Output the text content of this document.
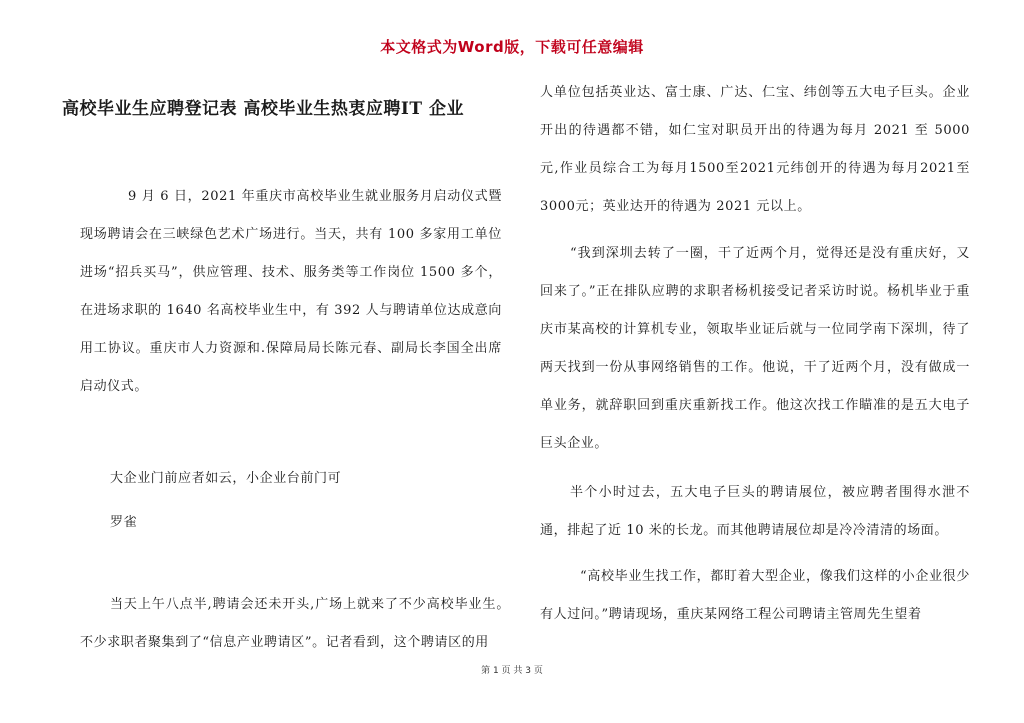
本文格式为Word版，下载可任意编辑
高校毕业生应聘登记表 高校毕业生热衷应聘IT 企业

9 月 6 日，2021 年重庆市高校毕业生就业服务月启动仪式暨现场聘请会在三峡绿色艺术广场进行。当天，共有 100 多家用工单位进场“招兵买马”，供应管理、技术、服务类等工作岗位 1500 多个，在进场求职的 1640 名高校毕业生中，有 392 人与聘请单位达成意向用工协议。重庆市人力资源和.保障局局长陈元春、副局长李国全出席启动仪式。

大企业门前应者如云，小企业台前门可
罗雀

当天上午八点半,聘请会还未开头,广场上就来了不少高校毕业生。不少求职者聚集到了“信息产业聘请区”。记者看到，这个聘请区的用

人单位包括英业达、富士康、广达、仁宝、纬创等五大电子巨头。企业开出的待遇都不错，如仁宝对职员开出的待遇为每月 2021 至 5000 元,作业员综合工为每月1500至2021元纬创开的待遇为每月2021至3000元；英业达开的待遇为 2021 元以上。

“我到深圳去转了一圈，干了近两个月，觉得还是没有重庆好，又回来了。”正在排队应聘的求职者杨机接受记者采访时说。杨机毕业于重庆市某高校的计算机专业，领取毕业证后就与一位同学南下深圳，待了两天找到一份从事网络销售的工作。他说，干了近两个月，没有做成一单业务，就辞职回到重庆重新找工作。他这次找工作瞄准的是五大电子巨头企业。

半个小时过去，五大电子巨头的聘请展位，被应聘者围得水泄不通，排起了近 10 米的长龙。而其他聘请展位却是冷冷清清的场面。

“高校毕业生找工作，都盯着大型企业，像我们这样的小企业很少有人过问。”聘请现场，重庆某网络工程公司聘请主管周先生望着

第 1 页 共 3 页
